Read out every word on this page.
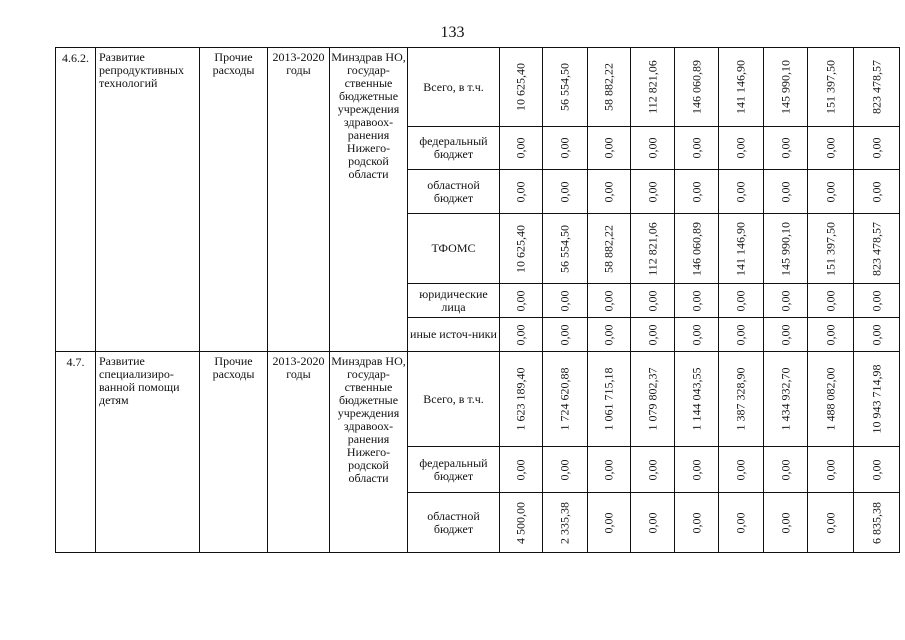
133
4.6.2.	Развитие репродуктивных технологий	Прочие расходы	2013-2020 годы	Минздрав НО, государ-ственные бюджетные учреждения здравоох-ранения Нижего-родской области	Всего, в т.ч.	10 625,40	56 554,50	58 882,22	112 821,06	146 060,89	141 146,90	145 990,10	151 397,50	823 478,57

					федеральный бюджет	0,00	0,00	0,00	0,00	0,00	0,00	0,00	0,00	0,00

					областной бюджет	0,00	0,00	0,00	0,00	0,00	0,00	0,00	0,00	0,00

					ТФОМС	10 625,40	56 554,50	58 882,22	112 821,06	146 060,89	141 146,90	145 990,10	151 397,50	823 478,57

					юридические лица	0,00	0,00	0,00	0,00	0,00	0,00	0,00	0,00	0,00

					иные источ-ники	0,00	0,00	0,00	0,00	0,00	0,00	0,00	0,00	0,00

4.7.	Развитие специализиро-ванной помощи детям	Прочие расходы	2013-2020 годы	Минздрав НО, государ-ственные бюджетные учреждения здравоох-ранения Нижего-родской области	Всего, в т.ч.	1 623 189,40	1 724 620,88	1 061 715,18	1 079 802,37	1 144 043,55	1 387 328,90	1 434 932,70	1 488 082,00	10 943 714,98

					федеральный бюджет	0,00	0,00	0,00	0,00	0,00	0,00	0,00	0,00	0,00

					областной бюджет	4 500,00	2 335,38	0,00	0,00	0,00	0,00	0,00	0,00	6 835,38
